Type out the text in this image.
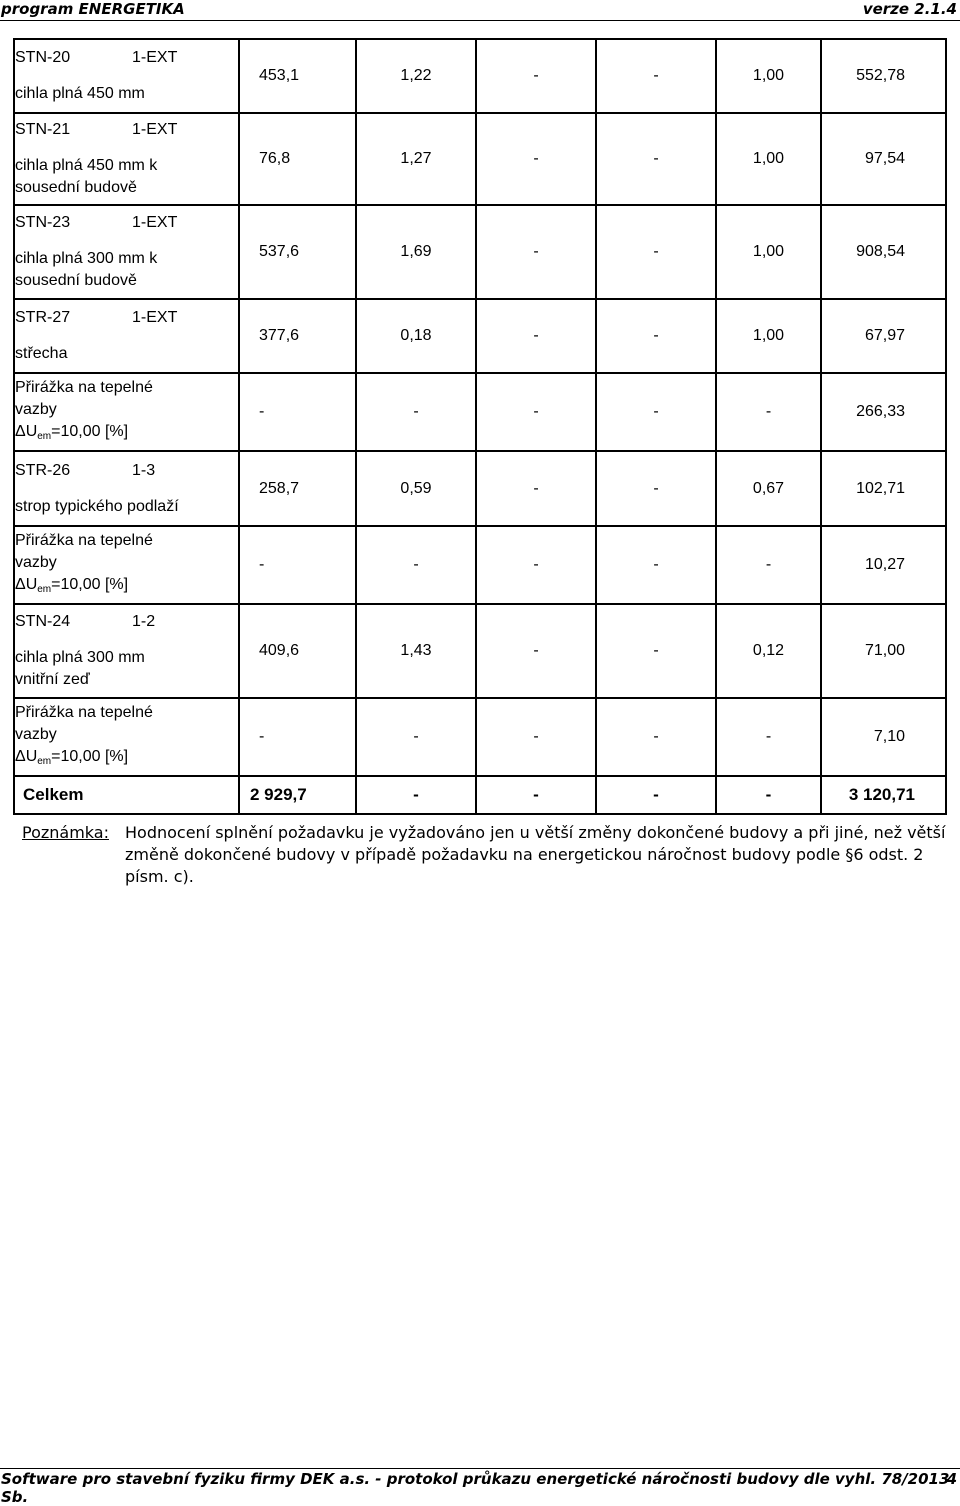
program ENERGETIKA	verze 2.1.4
STN-20 1-EXT
cihla plná 450 mm	453,1	1,22	-	-	1,00	552,78

STN-21 1-EXT
cihla plná 450 mm k
sousední budově	76,8	1,27	-	-	1,00	97,54

STN-23 1-EXT
cihla plná 300 mm k
sousední budově	537,6	1,69	-	-	1,00	908,54

STR-27 1-EXT
střecha	377,6	0,18	-	-	1,00	67,97

Přirážka na tepelné
vazby
ΔUem=10,00 [%]	-	-	-	-	-	266,33

STR-26 1-3
strop typického podlaží	258,7	0,59	-	-	0,67	102,71

Přirážka na tepelné
vazby
ΔUem=10,00 [%]	-	-	-	-	-	10,27

STN-24 1-2
cihla plná 300 mm
vnitřní zeď	409,6	1,43	-	-	0,12	71,00

Přirážka na tepelné
vazby
ΔUem=10,00 [%]	-	-	-	-	-	7,10
Celkem	2 929,7	-	-	-	-	3 120,71
Poznámka: Hodnocení splnění požadavku je vyžadováno jen u větší změny dokončené budovy a při jiné, než větší změně dokončené budovy v případě požadavku na energetickou náročnost budovy podle §6 odst. 2 písm. c).
Software pro stavební fyziku firmy DEK a.s. - protokol průkazu energetické náročnosti budovy dle vyhl. 78/2013 Sb.
4
